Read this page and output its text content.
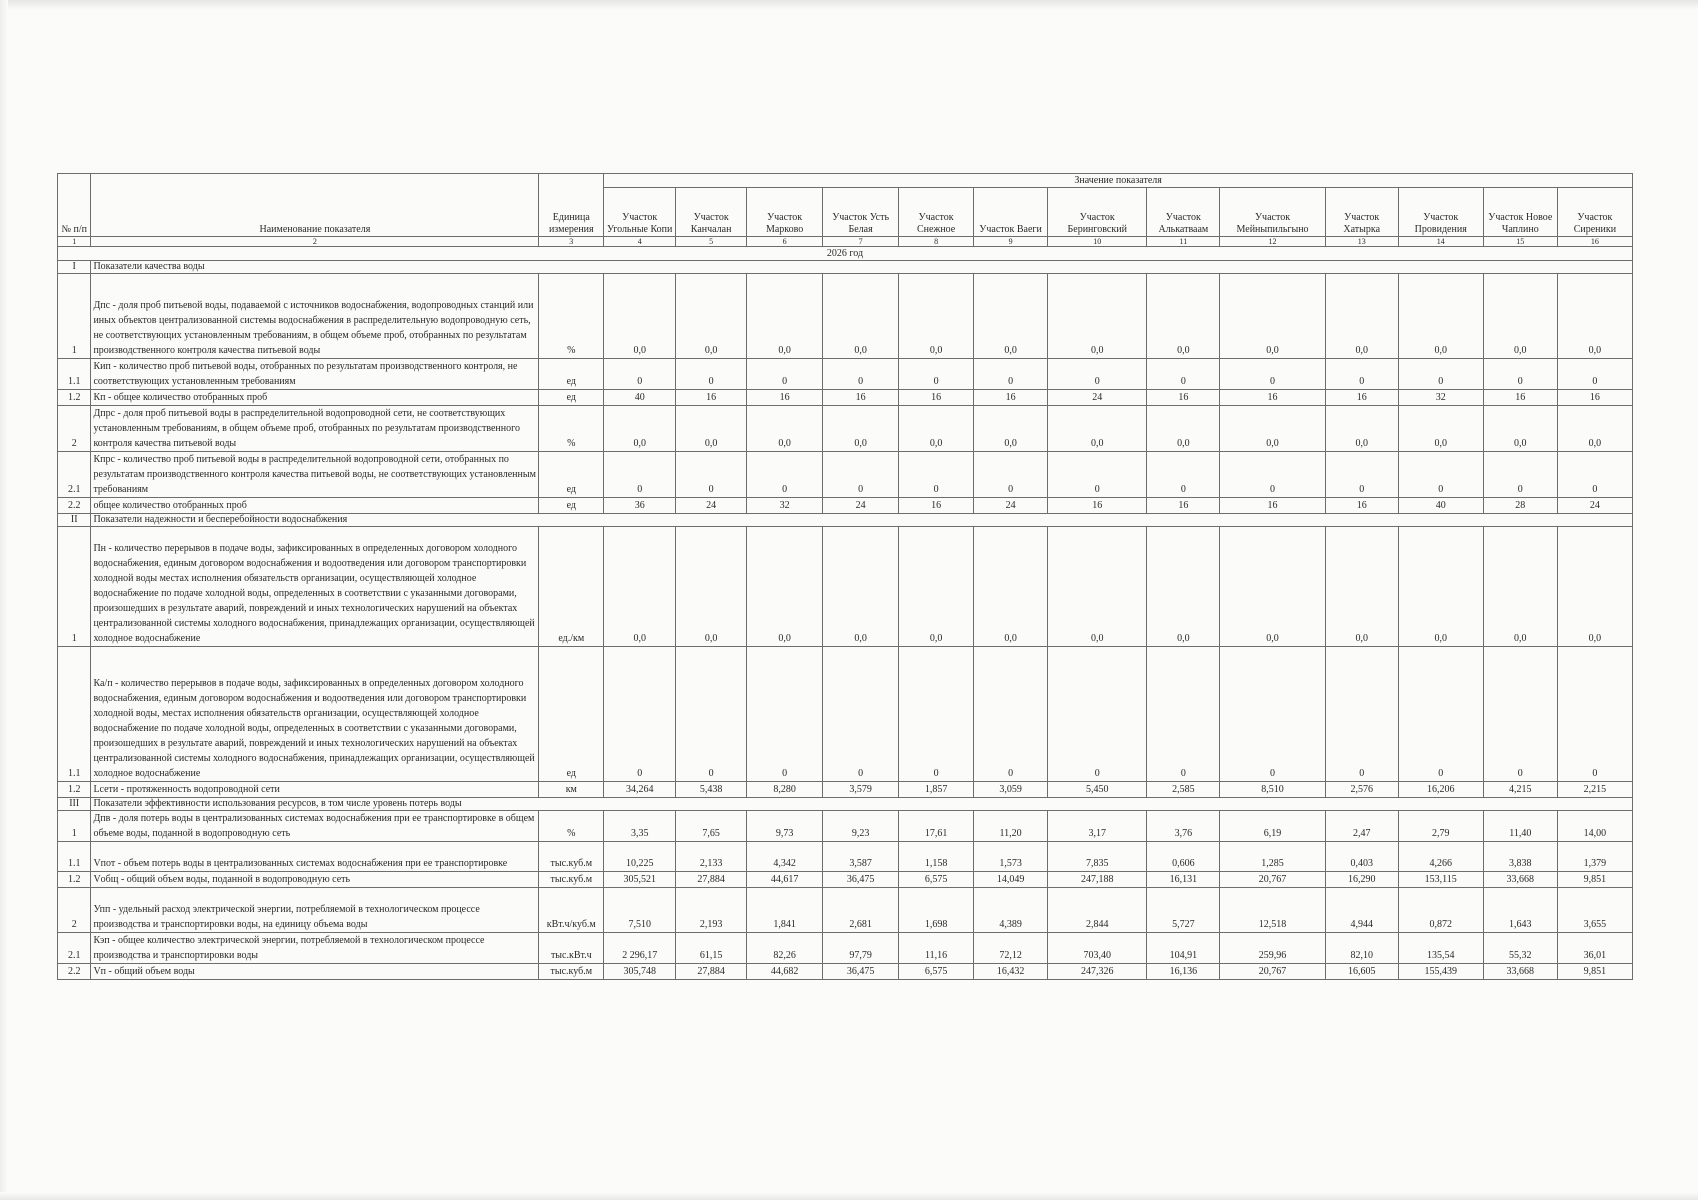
№ п/п	Наименование показателя	Единица измерения	Значение показателя												
			Участок Угольные Копи	Участок Канчалан	Участок Марково	Участок Усть Белая	Участок Снежное	Участок Ваеги	Участок Беринговский	Участок Алькатваам	Участок Мейныпильгыно	Участок Хатырка	Участок Провидения	Участок Новое Чаплино	Участок Сиреники
1	2	3	4	5	6	7	8	9	10	11	12	13	14	15	16
2026 год															
I	Показатели качества воды														
1	Дпс - доля проб питьевой воды, подаваемой с источников водоснабжения, водопроводных станций или иных объектов централизованной системы водоснабжения в распределительную водопроводную сеть, не соответствующих установленным требованиям, в общем объеме проб, отобранных по результатам производственного контроля качества питьевой воды	%	0,0	0,0	0,0	0,0	0,0	0,0	0,0	0,0	0,0	0,0	0,0	0,0	0,0
1.1	Кип - количество проб питьевой воды, отобранных по результатам производственного контроля, не соответствующих установленным требованиям	ед	0	0	0	0	0	0	0	0	0	0	0	0	0
1.2	Кп - общее количество отобранных проб	ед	40	16	16	16	16	16	24	16	16	16	32	16	16
2	Дпрс - доля проб питьевой воды в распределительной водопроводной сети, не соответствующих установленным требованиям, в общем объеме проб, отобранных по результатам производственного контроля качества питьевой воды	%	0,0	0,0	0,0	0,0	0,0	0,0	0,0	0,0	0,0	0,0	0,0	0,0	0,0
2.1	Кпрс - количество проб питьевой воды в распределительной водопроводной сети, отобранных по результатам производственного контроля качества питьевой воды, не соответствующих установленным требованиям	ед	0	0	0	0	0	0	0	0	0	0	0	0	0
2.2	общее количество отобранных проб	ед	36	24	32	24	16	24	16	16	16	16	40	28	24
II	Показатели надежности и бесперебойности водоснабжения														
1	Пн - количество перерывов в подаче воды, зафиксированных в определенных договором холодного водоснабжения, единым договором водоснабжения и водоотведения или договором транспортировки холодной воды местах исполнения обязательств организации, осуществляющей холодное водоснабжение по подаче холодной воды, определенных в соответствии с указанными договорами, произошедших в результате аварий, повреждений и иных технологических нарушений на объектах централизованной системы холодного водоснабжения, принадлежащих организации, осуществляющей холодное водоснабжение	ед./км	0,0	0,0	0,0	0,0	0,0	0,0	0,0	0,0	0,0	0,0	0,0	0,0	0,0
1.1	Ка/п - количество перерывов в подаче воды, зафиксированных в определенных договором холодного водоснабжения, единым договором водоснабжения и водоотведения или договором транспортировки холодной воды, местах исполнения обязательств организации, осуществляющей холодное водоснабжение по подаче холодной воды, определенных в соответствии с указанными договорами, произошедших в результате аварий, повреждений и иных технологических нарушений на объектах централизованной системы холодного водоснабжения, принадлежащих организации, осуществляющей холодное водоснабжение	ед	0	0	0	0	0	0	0	0	0	0	0	0	0
1.2	Lсети - протяженность водопроводной сети	км	34,264	5,438	8,280	3,579	1,857	3,059	5,450	2,585	8,510	2,576	16,206	4,215	2,215
III	Показатели эффективности использования ресурсов, в том числе уровень потерь воды														
1	Дпв - доля потерь воды в централизованных системах водоснабжения при ее транспортировке в общем объеме воды, поданной в водопроводную сеть	%	3,35	7,65	9,73	9,23	17,61	11,20	3,17	3,76	6,19	2,47	2,79	11,40	14,00
1.1	Vпот - объем потерь воды в централизованных системах водоснабжения при ее транспортировке	тыс.куб.м	10,225	2,133	4,342	3,587	1,158	1,573	7,835	0,606	1,285	0,403	4,266	3,838	1,379
1.2	Vобщ - общий объем воды, поданной в водопроводную сеть	тыс.куб.м	305,521	27,884	44,617	36,475	6,575	14,049	247,188	16,131	20,767	16,290	153,115	33,668	9,851
2	Упп - удельный расход электрической энергии, потребляемой в технологическом процессе производства и транспортировки воды, на единицу объема воды	кВт.ч/куб.м	7,510	2,193	1,841	2,681	1,698	4,389	2,844	5,727	12,518	4,944	0,872	1,643	3,655
2.1	Кэп - общее количество электрической энергии, потребляемой в технологическом процессе производства и транспортировки воды	тыс.кВт.ч	2 296,17	61,15	82,26	97,79	11,16	72,12	703,40	104,91	259,96	82,10	135,54	55,32	36,01
2.2	Vп - общий объем воды	тыс.куб.м	305,748	27,884	44,682	36,475	6,575	16,432	247,326	16,136	20,767	16,605	155,439	33,668	9,851
